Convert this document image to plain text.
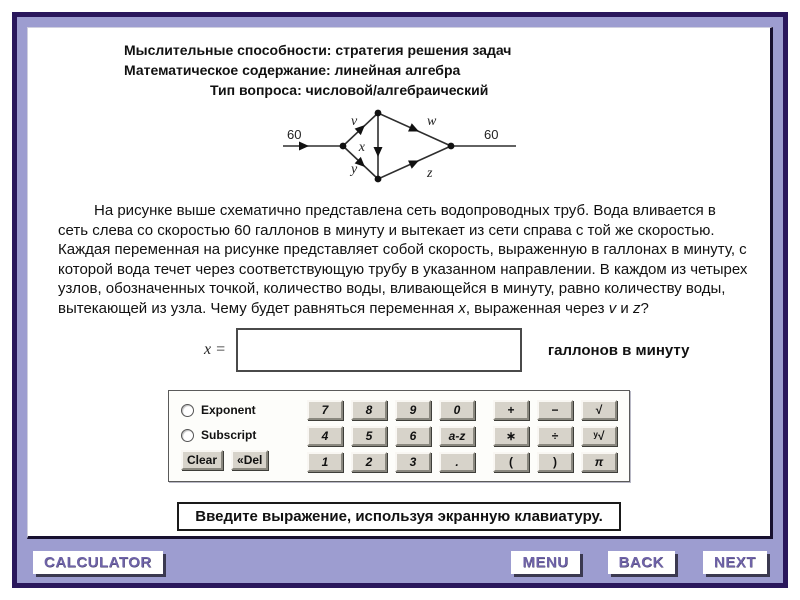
Мыслительные способности: стратегия решения задач
Математическое содержание: линейная алгебра
Тип вопроса: числовой/алгебраический
60	60
v	w
x
y	z

На рисунке выше схематично представлена сеть водопроводных труб. Вода вливается в сеть слева со скоростью 60 галлонов в минуту и вытекает из сети справа с той же скоростью. Каждая переменная на рисунке представляет собой скорость, выраженную в галлонах в минуту, с которой вода течет через соответствующую трубу в указанном направлении. В каждом из четырех узлов, обозначенных точкой, количество воды, вливающейся в минуту, равно количеству воды, вытекающей из узла. Чему будет равняться переменная x, выраженная через v и z?

x =	галлонов в минуту
Exponent
Subscript
Clear	«Del
7	8	9	0
4	5	6	a-z
1	2	3	.
+	−	√
∗	÷	ʸ√
(	)	π
Введите выражение, используя экранную клавиатуру.
CALCULATOR	MENU	BACK	NEXT
